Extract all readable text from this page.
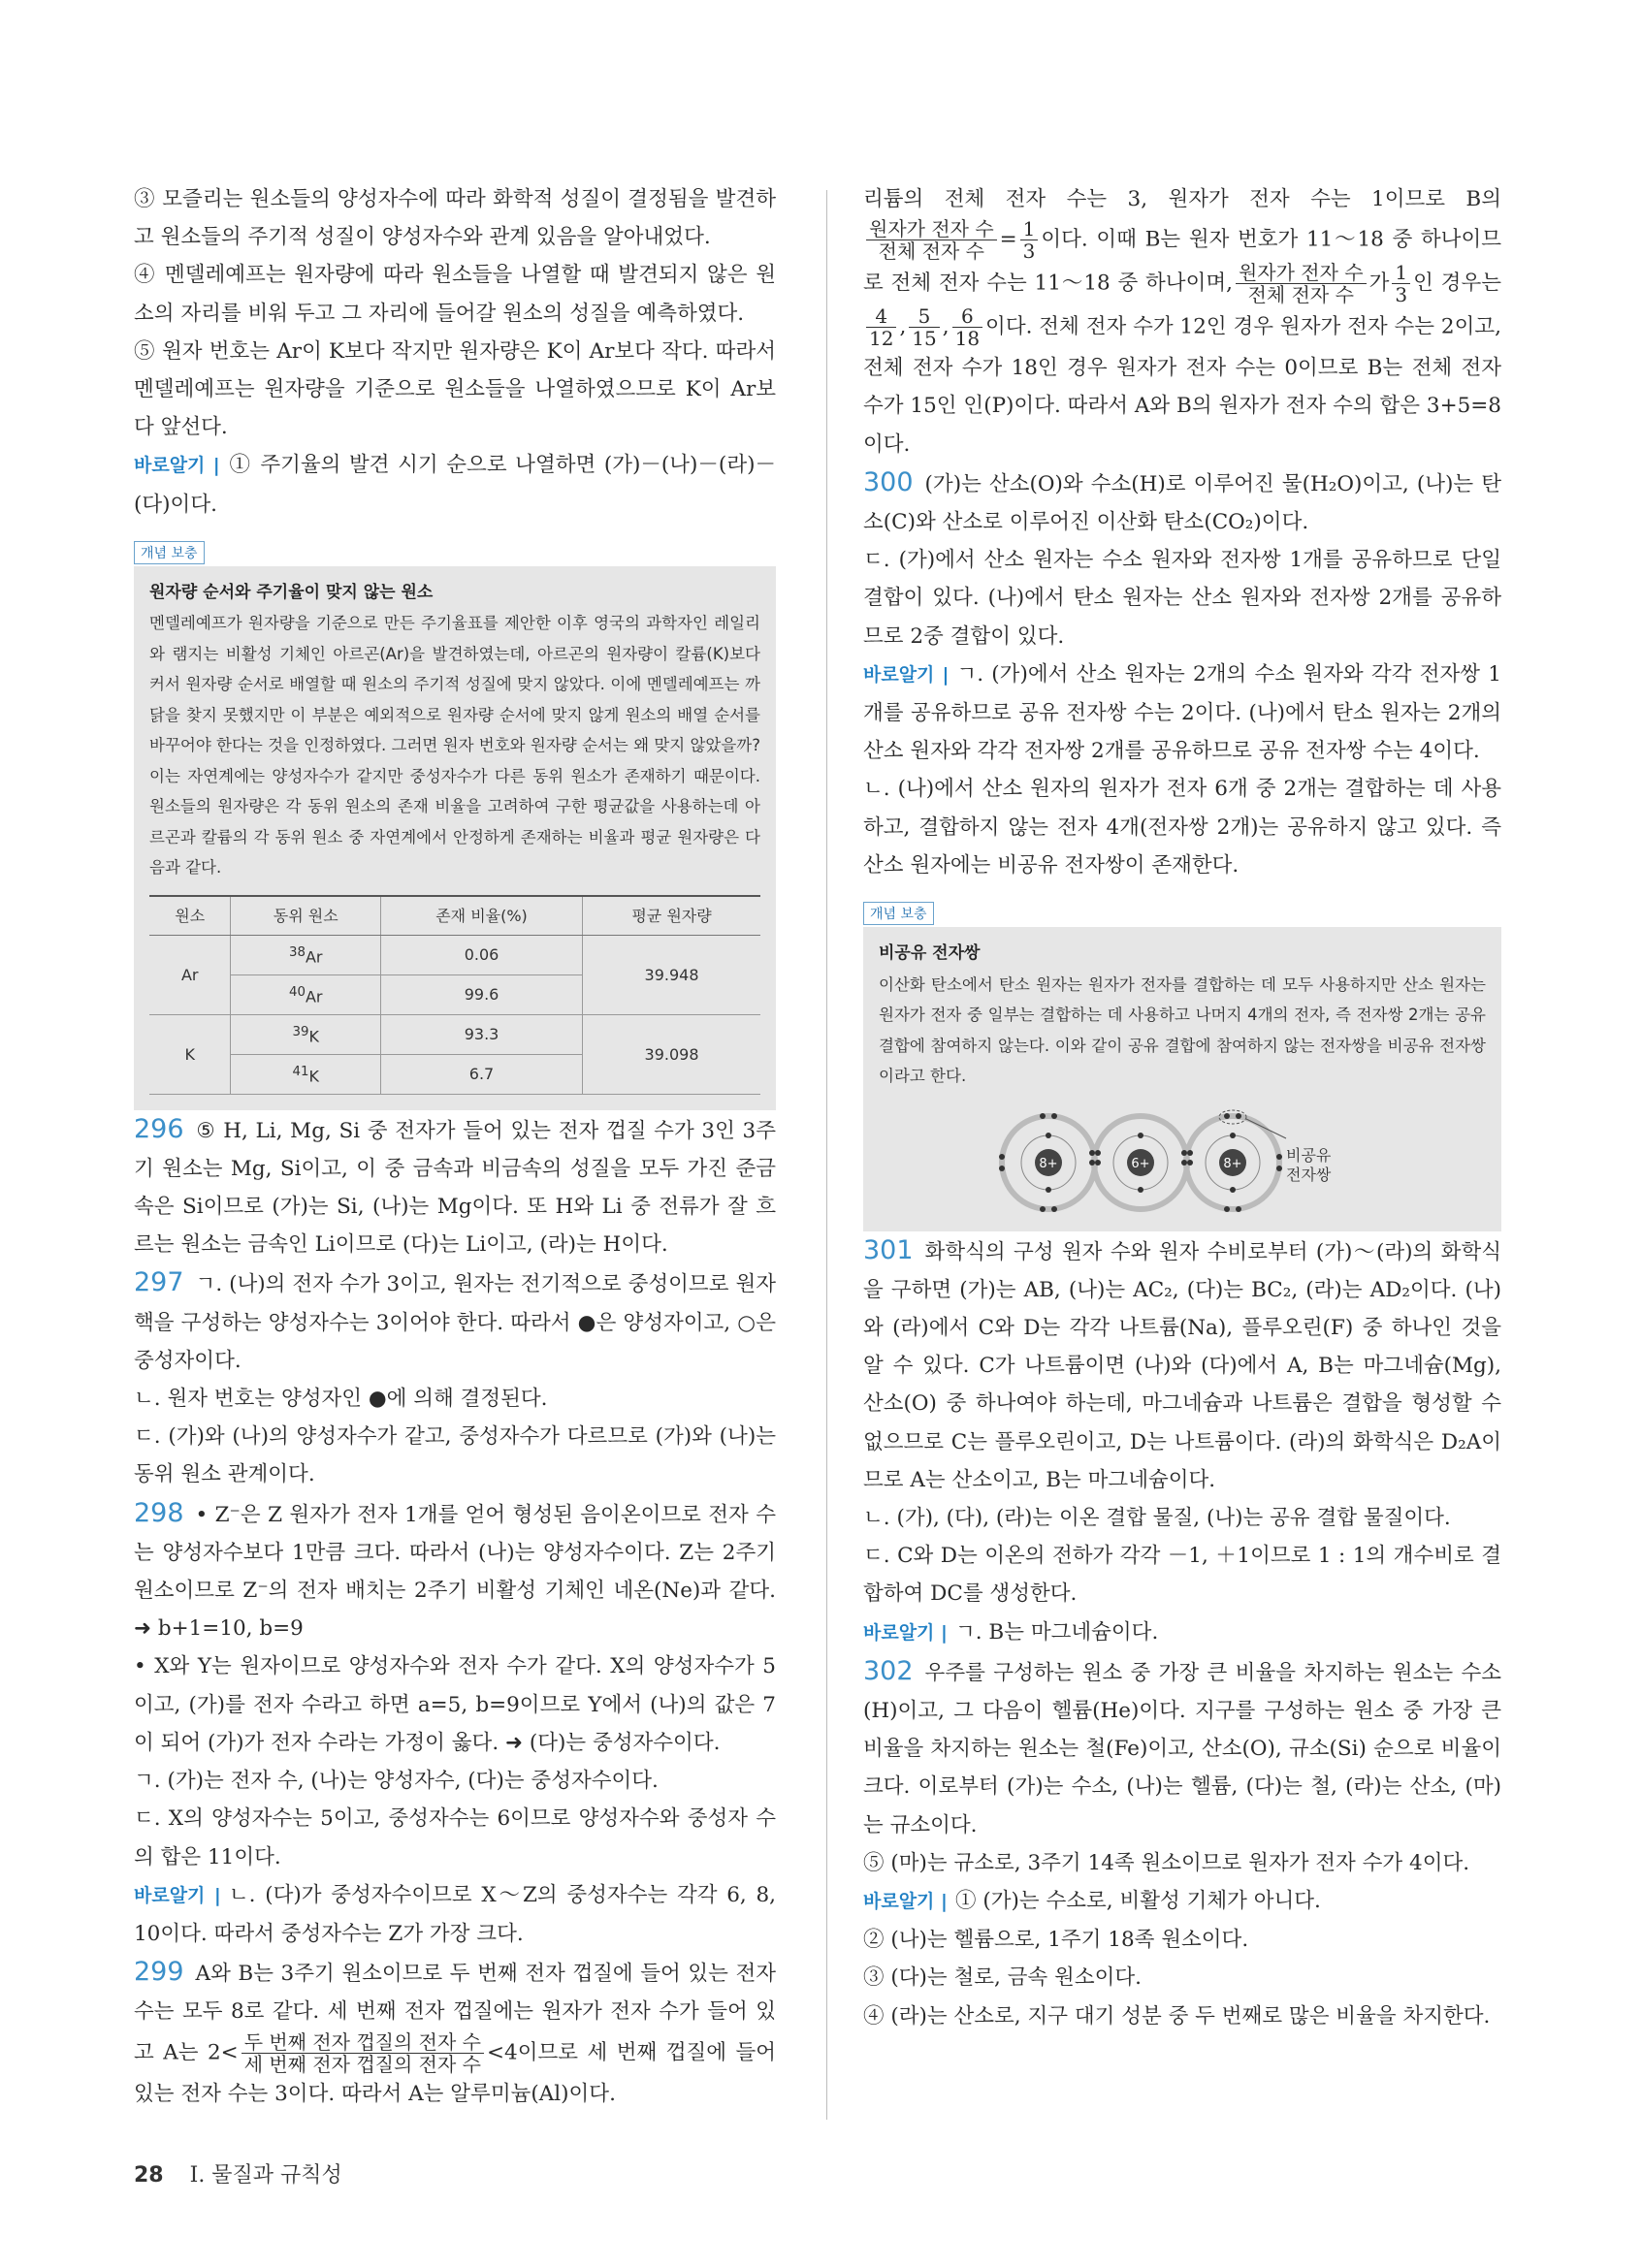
③ 모즐리는 원소들의 양성자수에 따라 화학적 성질이 결정됨을 발견하고 원소들의 주기적 성질이 양성자수와 관계 있음을 알아내었다.

④ 멘델레예프는 원자량에 따라 원소들을 나열할 때 발견되지 않은 원소의 자리를 비워 두고 그 자리에 들어갈 원소의 성질을 예측하였다.

⑤ 원자 번호는 Ar이 K보다 작지만 원자량은 K이 Ar보다 작다. 따라서 멘델레예프는 원자량을 기준으로 원소들을 나열하였으므로 K이 Ar보다 앞선다.

바로알기 | ① 주기율의 발견 시기 순으로 나열하면 (가)－(나)－(라)－(다)이다.

개념 보충
원자량 순서와 주기율이 맞지 않는 원소

멘델레예프가 원자량을 기준으로 만든 주기율표를 제안한 이후 영국의 과학자인 레일리와 램지는 비활성 기체인 아르곤(Ar)을 발견하였는데, 아르곤의 원자량이 칼륨(K)보다 커서 원자량 순서로 배열할 때 원소의 주기적 성질에 맞지 않았다. 이에 멘델레예프는 까닭을 찾지 못했지만 이 부분은 예외적으로 원자량 순서에 맞지 않게 원소의 배열 순서를 바꾸어야 한다는 것을 인정하였다. 그러면 원자 번호와 원자량 순서는 왜 맞지 않았을까? 이는 자연계에는 양성자수가 같지만 중성자수가 다른 동위 원소가 존재하기 때문이다. 원소들의 원자량은 각 동위 원소의 존재 비율을 고려하여 구한 평균값을 사용하는데 아르곤과 칼륨의 각 동위 원소 중 자연계에서 안정하게 존재하는 비율과 평균 원자량은 다음과 같다.

원소	동위 원소	존재 비율(%)	평균 원자량
Ar	$^{38}$Ar	0.06	39.948
	$^{40}$Ar	99.6	
K	$^{39}$K	93.3	39.098
	$^{41}$K	6.7	

296 ⑤ H, Li, Mg, Si 중 전자가 들어 있는 전자 껍질 수가 3인 3주기 원소는 Mg, Si이고, 이 중 금속과 비금속의 성질을 모두 가진 준금속은 Si이므로 (가)는 Si, (나)는 Mg이다. 또 H와 Li 중 전류가 잘 흐르는 원소는 금속인 Li이므로 (다)는 Li이고, (라)는 H이다.

297 ㄱ. (나)의 전자 수가 3이고, 원자는 전기적으로 중성이므로 원자핵을 구성하는 양성자수는 3이어야 한다. 따라서 ●은 양성자이고, ○은 중성자이다.

ㄴ. 원자 번호는 양성자인 ●에 의해 결정된다.

ㄷ. (가)와 (나)의 양성자수가 같고, 중성자수가 다르므로 (가)와 (나)는 동위 원소 관계이다.

298 • Z⁻은 Z 원자가 전자 1개를 얻어 형성된 음이온이므로 전자 수는 양성자수보다 1만큼 크다. 따라서 (나)는 양성자수이다. Z는 2주기 원소이므로 Z⁻의 전자 배치는 2주기 비활성 기체인 네온(Ne)과 같다. ➜ b+1=10, b=9

• X와 Y는 원자이므로 양성자수와 전자 수가 같다. X의 양성자수가 5이고, (가)를 전자 수라고 하면 a=5, b=9이므로 Y에서 (나)의 값은 7이 되어 (가)가 전자 수라는 가정이 옳다. ➜ (다)는 중성자수이다.

ㄱ. (가)는 전자 수, (나)는 양성자수, (다)는 중성자수이다.

ㄷ. X의 양성자수는 5이고, 중성자수는 6이므로 양성자수와 중성자 수의 합은 11이다.

바로알기 | ㄴ. (다)가 중성자수이므로 X～Z의 중성자수는 각각 6, 8, 10이다. 따라서 중성자수는 Z가 가장 크다.

299 A와 B는 3주기 원소이므로 두 번째 전자 껍질에 들어 있는 전자 수는 모두 8로 같다. 세 번째 전자 껍질에는 원자가 전자 수가 들어 있고 A는 $2< \frac{\text{두 번째 전자 껍질의 전자 수}}{\text{세 번째 전자 껍질의 전자 수}} <4$이므로 세 번째 껍질에 들어 있는 전자 수는 3이다. 따라서 A는 알루미늄(Al)이다.

리튬의 전체 전자 수는 3, 원자가 전자 수는 1이므로 B의
$\frac{\text{원자가 전자 수}}{\text{전체 전자 수}} = \frac{1}{3}$ 이다. 이때 B는 원자 번호가 11～18 중 하나이므로 전체 전자 수는 11～18 중 하나이며, $\frac{\text{원자가 전자 수}}{\text{전체 전자 수}}$ 가 $\frac{1}{3}$ 인 경우는
$\frac{4}{12}$ , $\frac{5}{15}$ , $\frac{6}{18}$ 이다. 전체 전자 수가 12인 경우 원자가 전자 수는 2이고, 전체 전자 수가 18인 경우 원자가 전자 수는 0이므로 B는 전체 전자 수가 15인 인(P)이다. 따라서 A와 B의 원자가 전자 수의 합은 3+5=8이다.

300 (가)는 산소(O)와 수소(H)로 이루어진 물(H₂O)이고, (나)는 탄소(C)와 산소로 이루어진 이산화 탄소(CO₂)이다.

ㄷ. (가)에서 산소 원자는 수소 원자와 전자쌍 1개를 공유하므로 단일 결합이 있다. (나)에서 탄소 원자는 산소 원자와 전자쌍 2개를 공유하므로 2중 결합이 있다.

바로알기 | ㄱ. (가)에서 산소 원자는 2개의 수소 원자와 각각 전자쌍 1개를 공유하므로 공유 전자쌍 수는 2이다. (나)에서 탄소 원자는 2개의 산소 원자와 각각 전자쌍 2개를 공유하므로 공유 전자쌍 수는 4이다.

ㄴ. (나)에서 산소 원자의 원자가 전자 6개 중 2개는 결합하는 데 사용하고, 결합하지 않는 전자 4개(전자쌍 2개)는 공유하지 않고 있다. 즉 산소 원자에는 비공유 전자쌍이 존재한다.

개념 보충
비공유 전자쌍

이산화 탄소에서 탄소 원자는 원자가 전자를 결합하는 데 모두 사용하지만 산소 원자는 원자가 전자 중 일부는 결합하는 데 사용하고 나머지 4개의 전자, 즉 전자쌍 2개는 공유 결합에 참여하지 않는다. 이와 같이 공유 결합에 참여하지 않는 전자쌍을 비공유 전자쌍이라고 한다.

8+	6+	8+	비공유
전자쌍

301 화학식의 구성 원자 수와 원자 수비로부터 (가)～(라)의 화학식을 구하면 (가)는 AB, (나)는 AC₂, (다)는 BC₂, (라)는 AD₂이다. (나)와 (라)에서 C와 D는 각각 나트륨(Na), 플루오린(F) 중 하나인 것을 알 수 있다. C가 나트륨이면 (나)와 (다)에서 A, B는 마그네슘(Mg), 산소(O) 중 하나여야 하는데, 마그네슘과 나트륨은 결합을 형성할 수 없으므로 C는 플루오린이고, D는 나트륨이다. (라)의 화학식은 D₂A이므로 A는 산소이고, B는 마그네슘이다.

ㄴ. (가), (다), (라)는 이온 결합 물질, (나)는 공유 결합 물질이다.

ㄷ. C와 D는 이온의 전하가 각각 －1, ＋1이므로 1 : 1의 개수비로 결합하여 DC를 생성한다.

바로알기 | ㄱ. B는 마그네슘이다.

302 우주를 구성하는 원소 중 가장 큰 비율을 차지하는 원소는 수소(H)이고, 그 다음이 헬륨(He)이다. 지구를 구성하는 원소 중 가장 큰 비율을 차지하는 원소는 철(Fe)이고, 산소(O), 규소(Si) 순으로 비율이 크다. 이로부터 (가)는 수소, (나)는 헬륨, (다)는 철, (라)는 산소, (마)는 규소이다.

⑤ (마)는 규소로, 3주기 14족 원소이므로 원자가 전자 수가 4이다.

바로알기 | ① (가)는 수소로, 비활성 기체가 아니다.

② (나)는 헬륨으로, 1주기 18족 원소이다.

③ (다)는 철로, 금속 원소이다.

④ (라)는 산소로, 지구 대기 성분 중 두 번째로 많은 비율을 차지한다.

28 Ⅰ. 물질과 규칙성
